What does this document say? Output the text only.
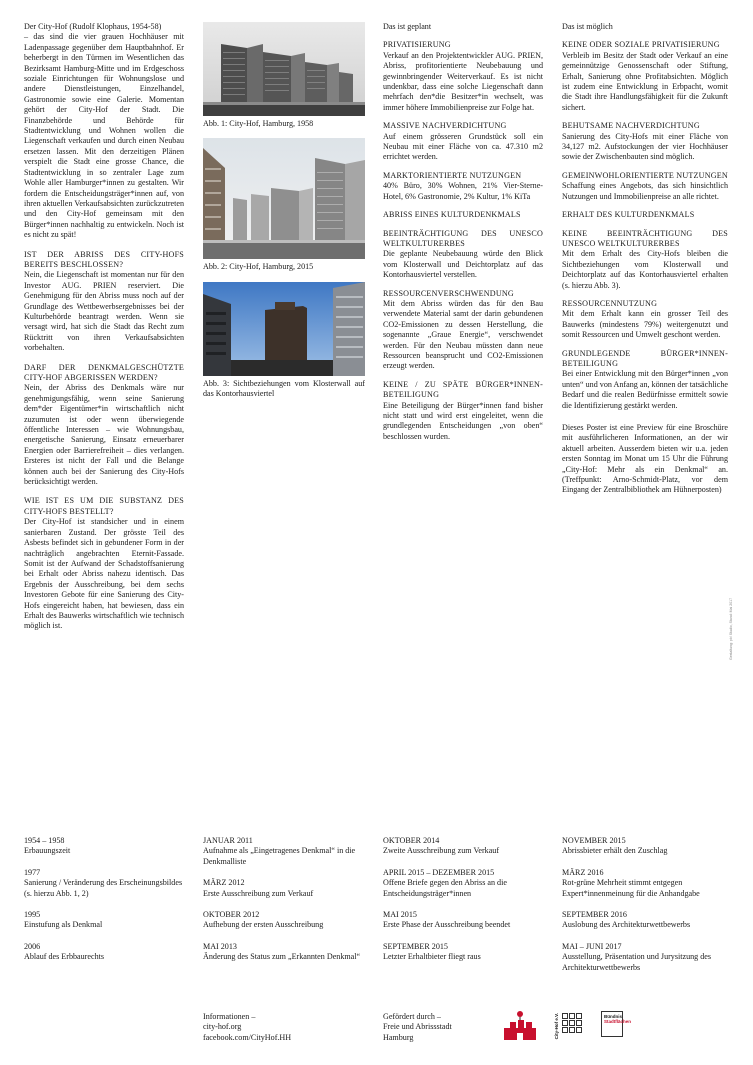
Der City-Hof (Rudolf Klophaus, 1954-58)

– das sind die vier grauen Hochhäuser mit Ladenpassage gegenüber dem Hauptbahnhof. Er beherbergt in den Türmen im Wesentlichen das Bezirksamt Hamburg-Mitte und im Erdgeschoss soziale Einrichtungen für Wohnungslose und andere Dienstleistungen, Einzelhandel, Gastronomie sowie eine Galerie. Momentan gehört der City-Hof der Stadt. Die Finanzbehörde und Behörde für Stadtentwicklung und Wohnen wollen die Liegenschaft verkaufen und durch einen Neubau ersetzen lassen. Mit den derzeitigen Plänen verspielt die Stadt eine grosse Chance, die Stadtentwicklung in so zentraler Lage zum Wohle aller Hamburger*innen zu gestalten. Wir fordern die Entscheidungsträger*innen auf, von ihren aktuellen Verkaufsabsichten zurückzutreten und den City-Hof gemeinsam mit den Bürger*innen nachhaltig zu entwickeln. Noch ist es nicht zu spät!

IST DER ABRISS DES CITY-HOFS BEREITS BESCHLOSSEN?

Nein, die Liegenschaft ist momentan nur für den Investor AUG. PRIEN reserviert. Die Genehmigung für den Abriss muss noch auf der Grundlage des Wettbewerbsergebnisses bei der Kulturbehörde beantragt werden. Wenn sie versagt wird, hat sich die Stadt das Recht zum Rücktritt von ihren Verkaufsabsichten vorbehalten.

DARF DER DENKMALGESCHÜTZTE CITY-HOF ABGERISSEN WERDEN?

Nein, der Abriss des Denkmals wäre nur genehmigungsfähig, wenn seine Sanierung dem*der Eigentümer*in wirtschaftlich nicht zuzumuten ist oder wenn überwiegende öffentliche Interessen – wie Wohnungsbau, energetische Sanierung, Einsatz erneuerbarer Energien oder Barrierefreiheit – dies verlangen. Ersteres ist nicht der Fall und die Belange können auch bei der Sanierung des City-Hofs berücksichtigt werden.

WIE IST ES UM DIE SUBSTANZ DES CITY-HOFS BESTELLT?

Der City-Hof ist standsicher und in einem sanierbaren Zustand. Der grösste Teil des Asbests befindet sich in gebundener Form in der nachträglich angebrachten Eternit-Fassade. Somit ist der Aufwand der Schadstoffsanierung bei Erhalt oder Abriss nahezu identisch. Das Ergebnis der Ausschreibung, bei dem sechs Investoren Gebote für eine Sanierung des City-Hofs eingereicht haben, hat bewiesen, dass ein Erhalt des Bauwerks wirtschaftlich wie technisch möglich ist.

Abb. 1: City-Hof, Hamburg, 1958

Abb. 2: City-Hof, Hamburg, 2015

Abb. 3: Sichtbeziehungen vom Klosterwall auf das Kontorhausviertel

Das ist geplant

PRIVATISIERUNG

Verkauf an den Projektentwickler AUG. PRIEN, Abriss, profitorientierte Neubebauung und gewinnbringender Weiterverkauf. Es ist nicht undenkbar, dass eine solche Liegenschaft dann mehrfach den*die Besitzer*in wechselt, was immer höhere Immobilienpreise zur Folge hat.

MASSIVE NACHVERDICHTUNG

Auf einem grösseren Grundstück soll ein Neubau mit einer Fläche von ca. 47.310 m2 errichtet werden.

MARKTORIENTIERTE NUTZUNGEN

40% Büro, 30% Wohnen, 21% Vier-Sterne-Hotel, 6% Gastronomie, 2% Kultur, 1% KiTa

ABRISS EINES KULTURDENKMALS

BEEINTRÄCHTIGUNG DES UNESCO WELTKULTURERBES

Die geplante Neubebauung würde den Blick vom Klosterwall und Deichtorplatz auf das Kontorhausviertel verstellen.

RESSOURCENVERSCHWENDUNG

Mit dem Abriss würden das für den Bau verwendete Material samt der darin gebundenen CO2-Emissionen zu dessen Herstellung, die sogenannte „Graue Energie“, verschwendet werden. Für den Neubau müssten dann neue Ressourcen beansprucht und CO2-Emissionen erzeugt werden.

KEINE / ZU SPÄTE BÜRGER*INNEN-BETEILIGUNG

Eine Beteiligung der Bürger*innen fand bisher nicht statt und wird erst eingeleitet, wenn die grundlegenden Entscheidungen „von oben“ beschlossen wurden.

Das ist möglich

KEINE ODER SOZIALE PRIVATISIERUNG

Verbleib im Besitz der Stadt oder Verkauf an eine gemeinnützige Genossenschaft oder Stiftung, Erhalt, Sanierung ohne Profitabsichten. Möglich ist zudem eine Entwicklung in Erbpacht, womit die Stadt ihre Handlungsfähigkeit für die Zukunft sichert.

BEHUTSAME NACHVERDICHTUNG

Sanierung des City-Hofs mit einer Fläche von 34,127 m2. Aufstockungen der vier Hochhäuser sowie der Zwischenbauten sind möglich.

GEMEINWOHLORIENTIERTE NUTZUNGEN

Schaffung eines Angebots, das sich hinsichtlich Nutzungen und Immobilienpreise an alle richtet.

ERHALT DES KULTURDENKMALS

KEINE BEEINTRÄCHTIGUNG DES UNESCO WELTKULTURERBES

Mit dem Erhalt des City-Hofs bleiben die Sichtbeziehungen vom Klosterwall und Deichtorplatz auf das Kontorhausviertel erhalten (s. hierzu Abb. 3).

RESSOURCENNUTZUNG

Mit dem Erhalt kann ein grosser Teil des Bauwerks (mindestens 79%) weitergenutzt und somit Ressourcen und Umwelt geschont werden.

GRUNDLEGENDE BÜRGER*INNEN-BETEILIGUNG

Bei einer Entwicklung mit den Bürger*innen „von unten“ und von Anfang an, können der tatsächliche Bedarf und die realen Bedürfnisse ermittelt sowie die Identifizierung gestärkt werden.

Dieses Poster ist eine Preview für eine Broschüre mit ausführlicheren Informationen, an der wir aktuell arbeiten. Ausserdem bieten wir u.a. jeden ersten Sonntag im Monat um 15 Uhr die Führung „City-Hof: Mehr als ein Denkmal“ an. (Treffpunkt: Arno-Schmidt-Platz, vor dem Eingang der Zentralbibliothek am Hühnerposten)

Gestaltung: pb! Studio, Stand: Mai 2017

1954 – 1958

Erbauungszeit

1977

Sanierung / Veränderung des Erscheinungsbildes (s. hierzu Abb. 1, 2)

1995

Einstufung als Denkmal

2006

Ablauf des Erbbaurechts

JANUAR 2011

Aufnahme als „Eingetragenes Denkmal“ in die Denkmalliste

MÄRZ 2012

Erste Ausschreibung zum Verkauf

OKTOBER 2012

Aufhebung der ersten Ausschreibung

MAI 2013

Änderung des Status zum „Erkannten Denkmal“

OKTOBER 2014

Zweite Ausschreibung zum Verkauf

APRIL 2015 – DEZEMBER 2015

Offene Briefe gegen den Abriss an die Entscheidungsträger*innen

MAI 2015

Erste Phase der Ausschreibung beendet

SEPTEMBER 2015

Letzter Erhaltbieter fliegt raus

NOVEMBER 2015

Abrissbieter erhält den Zuschlag

MÄRZ 2016

Rot-grüne Mehrheit stimmt entgegen Expert*innenmeinung für die Anhandgabe

SEPTEMBER 2016

Auslobung des Architekturwettbewerbs

MAI – JUNI 2017

Ausstellung, Präsentation und Jurysitzung des Architekturwettbewerbs

Informationen –

city-hof.org

facebook.com/CityHof.HH

Gefördert durch –

Freie und Abrissstadt

Hamburg	City-Hof e.V.	Bündnis
Stadtflächen
